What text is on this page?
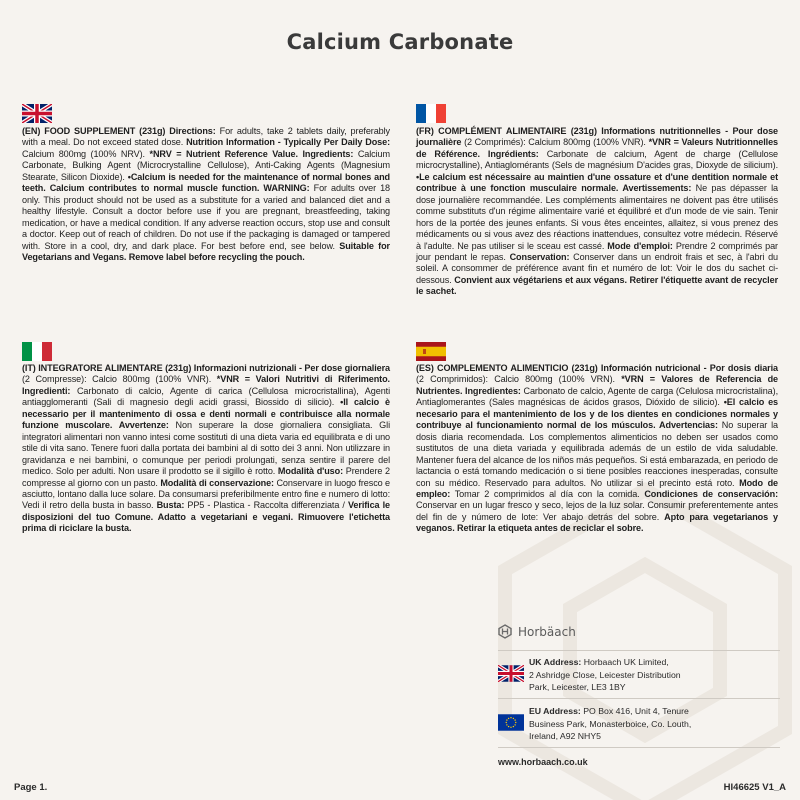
Calcium Carbonate
(EN) FOOD SUPPLEMENT (231g) Directions: For adults, take 2 tablets daily, preferably with a meal. Do not exceed stated dose. Nutrition Information - Typically Per Daily Dose: Calcium 800mg (100% NRV). *NRV = Nutrient Reference Value. Ingredients: Calcium Carbonate, Bulking Agent (Microcrystalline Cellulose), Anti-Caking Agents (Magnesium Stearate, Silicon Dioxide). •Calcium is needed for the maintenance of normal bones and teeth. Calcium contributes to normal muscle function. WARNING: For adults over 18 only. This product should not be used as a substitute for a varied and balanced diet and a healthy lifestyle. Consult a doctor before use if you are pregnant, breastfeeding, taking medication, or have a medical condition. If any adverse reaction occurs, stop use and consult a doctor. Keep out of reach of children. Do not use if the packaging is damaged or tampered with. Store in a cool, dry, and dark place. For best before end, see below. Suitable for Vegetarians and Vegans. Remove label before recycling the pouch.
(FR) COMPLÉMENT ALIMENTAIRE (231g) Informations nutritionnelles - Pour dose journalière (2 Comprimés): Calcium 800mg (100% VNR). *VNR = Valeurs Nutritionnelles de Référence. Ingrédients: Carbonate de calcium, Agent de charge (Cellulose microcrystalline), Antiaglomérants (Sels de magnésium D'acides gras, Dioxyde de silicium). •Le calcium est nécessaire au maintien d'une ossature et d'une dentition normale et contribue à une fonction musculaire normale. Avertissements: Ne pas dépasser la dose journalière recommandée. Les compléments alimentaires ne doivent pas être utilisés comme substituts d'un régime alimentaire varié et équilibré et d'un mode de vie sain. Tenir hors de la portée des jeunes enfants. Si vous êtes enceintes, allaitez, si vous prenez des médicaments ou si vous avez des réactions inattendues, consultez votre médecin. Réservé à l'adulte. Ne pas utiliser si le sceau est cassé. Mode d'emploi: Prendre 2 comprimés par jour pendant le repas. Conservation: Conserver dans un endroit frais et sec, à l'abri du soleil. A consommer de préférence avant fin et numéro de lot: Voir le dos du sachet ci-dessous. Convient aux végétariens et aux végans. Retirer l'étiquette avant de recycler le sachet.
(IT) INTEGRATORE ALIMENTARE (231g) Informazioni nutrizionali - Per dose giornaliera (2 Compresse): Calcio 800mg (100% VNR). *VNR = Valori Nutritivi di Riferimento. Ingredienti: Carbonato di calcio, Agente di carica (Cellulosa microcristallina), Agenti antiagglomeranti (Sali di magnesio degli acidi grassi, Biossido di silicio). •Il calcio è necessario per il mantenimento di ossa e denti normali e contribuisce alla normale funzione muscolare. Avvertenze: Non superare la dose giornaliera consigliata. Gli integratori alimentari non vanno intesi come sostituti di una dieta varia ed equilibrata e di uno stile di vita sano. Tenere fuori dalla portata dei bambini al di sotto dei 3 anni. Non utilizzare in gravidanza e nei bambini, o comunque per periodi prolungati, senza sentire il parere del medico. Solo per adulti. Non usare il prodotto se il sigillo è rotto. Modalità d'uso: Prendere 2 compresse al giorno con un pasto. Modalità di conservazione: Conservare in luogo fresco e asciutto, lontano dalla luce solare. Da consumarsi preferibilmente entro fine e numero di lotto: Vedi il retro della busta in basso. Busta: PP5 - Plastica - Raccolta differenziata / Verifica le disposizioni del tuo Comune. Adatto a vegetariani e vegani. Rimuovere l'etichetta prima di riciclare la busta.
(ES) COMPLEMENTO ALIMENTICIO (231g) Información nutricional - Por dosis diaria (2 Comprimidos): Calcio 800mg (100% VRN). *VRN = Valores de Referencia de Nutrientes. Ingredientes: Carbonato de calcio, Agente de carga (Celulosa microcristalina), Antiaglomerantes (Sales magnésicas de ácidos grasos, Dióxido de silicio). •El calcio es necesario para el mantenimiento de los y de los dientes en condiciones normales y contribuye al funcionamiento normal de los músculos. Advertencias: No superar la dosis diaria recomendada. Los complementos alimenticios no deben ser usados como sustitutos de una dieta variada y equilibrada además de un estilo de vida saludable. Mantener fuera del alcance de los niños más pequeños. Si está embarazada, en periodo de lactancia o está tomando medicación o si tiene posibles reacciones inesperadas, consulte con su médico. Reservado para adultos. No utilizar si el precinto está roto. Modo de empleo: Tomar 2 comprimidos al día con la comida. Condiciones de conservación: Conservar en un lugar fresco y seco, lejos de la luz solar. Consumir preferentemente antes del fin de y número de lote: Ver abajo detrás del sobre. Apto para vegetarianos y veganos. Retirar la etiqueta antes de reciclar el sobre.
Horbäach
UK Address: Horbaach UK Limited,
2 Ashridge Close, Leicester Distribution
Park, Leicester, LE3 1BY
EU Address: PO Box 416, Unit 4, Tenure
Business Park, Monasterboice, Co. Louth,
Ireland, A92 NHY5
www.horbaach.co.uk
Page 1.	HI46625 V1_A
